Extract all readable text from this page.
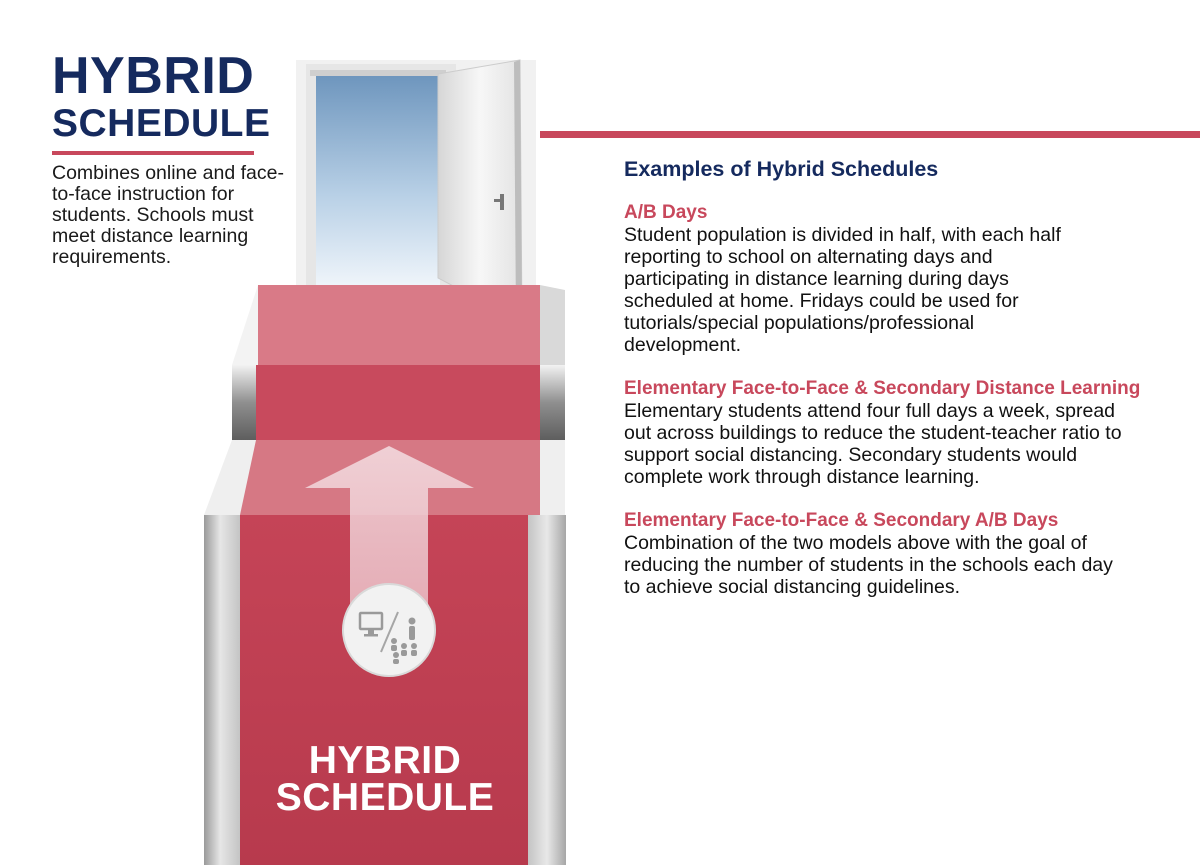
HYBRID
SCHEDULE
HYBRID
SCHEDULE

Combines online and face-to-face instruction for students. Schools must meet distance learning requirements.

Examples of Hybrid Schedules

A/B Days

Student population is divided in half, with each half reporting to school on alternating days and participating in distance learning during days scheduled at home. Fridays could be used for tutorials/special populations/professional development.

Elementary Face-to-Face & Secondary Distance Learning

Elementary students attend four full days a week, spread out across buildings to reduce the student-teacher ratio to support social distancing. Secondary students would complete work through distance learning.

Elementary Face-to-Face & Secondary A/B Days

Combination of the two models above with the goal of reducing the number of students in the schools each day to achieve social distancing guidelines.
